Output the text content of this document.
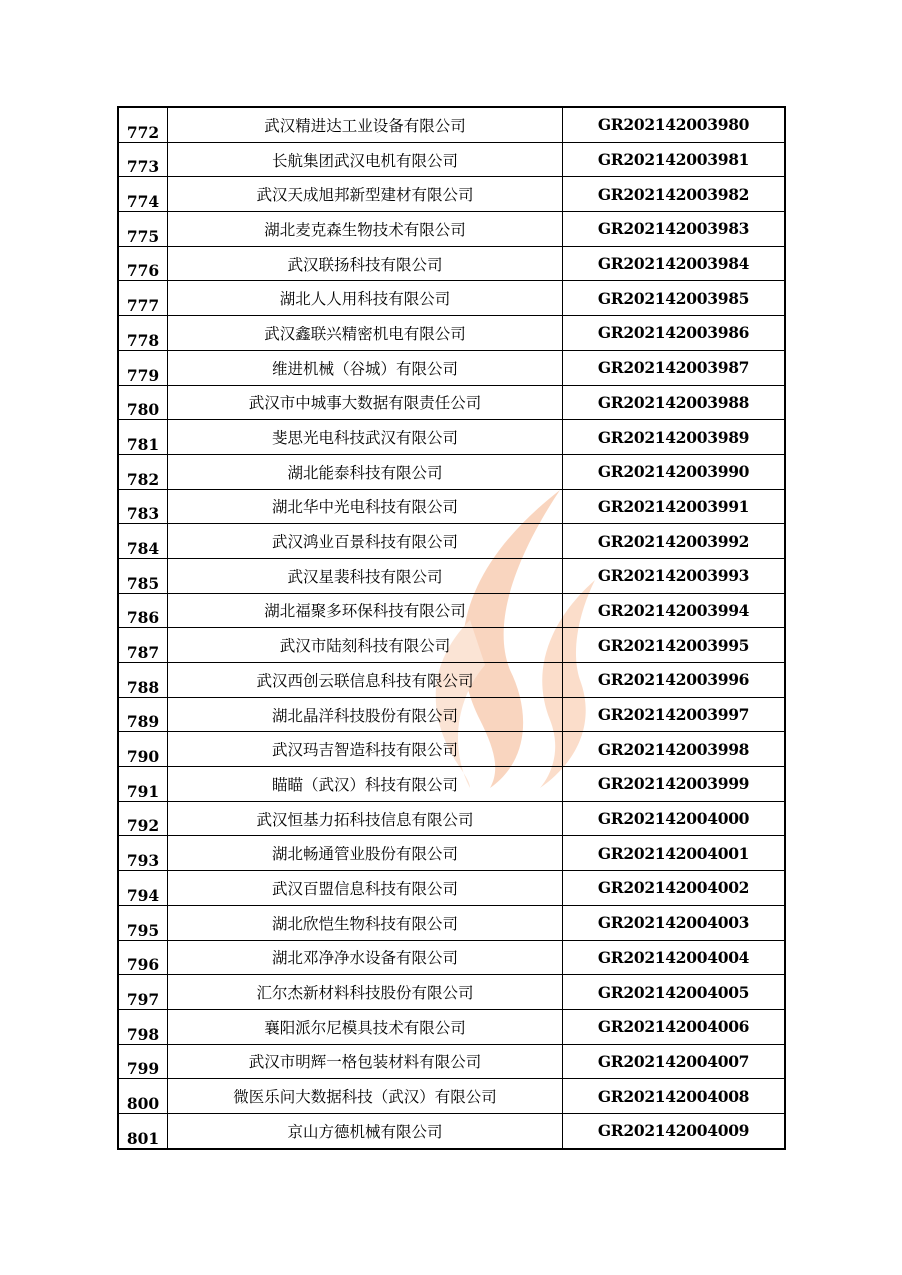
772	武汉精进达工业设备有限公司	GR202142003980
773	长航集团武汉电机有限公司	GR202142003981
774	武汉天成旭邦新型建材有限公司	GR202142003982
775	湖北麦克森生物技术有限公司	GR202142003983
776	武汉联扬科技有限公司	GR202142003984
777	湖北人人用科技有限公司	GR202142003985
778	武汉鑫联兴精密机电有限公司	GR202142003986
779	维进机械（谷城）有限公司	GR202142003987
780	武汉市中城事大数据有限责任公司	GR202142003988
781	斐思光电科技武汉有限公司	GR202142003989
782	湖北能泰科技有限公司	GR202142003990
783	湖北华中光电科技有限公司	GR202142003991
784	武汉鸿业百景科技有限公司	GR202142003992
785	武汉星裴科技有限公司	GR202142003993
786	湖北福聚多环保科技有限公司	GR202142003994
787	武汉市陆刻科技有限公司	GR202142003995
788	武汉西创云联信息科技有限公司	GR202142003996
789	湖北晶洋科技股份有限公司	GR202142003997
790	武汉玛吉智造科技有限公司	GR202142003998
791	瞄瞄（武汉）科技有限公司	GR202142003999
792	武汉恒基力拓科技信息有限公司	GR202142004000
793	湖北畅通管业股份有限公司	GR202142004001
794	武汉百盟信息科技有限公司	GR202142004002
795	湖北欣恺生物科技有限公司	GR202142004003
796	湖北邓净净水设备有限公司	GR202142004004
797	汇尔杰新材料科技股份有限公司	GR202142004005
798	襄阳派尔尼模具技术有限公司	GR202142004006
799	武汉市明辉一格包装材料有限公司	GR202142004007
800	微医乐问大数据科技（武汉）有限公司	GR202142004008
801	京山方德机械有限公司	GR202142004009
